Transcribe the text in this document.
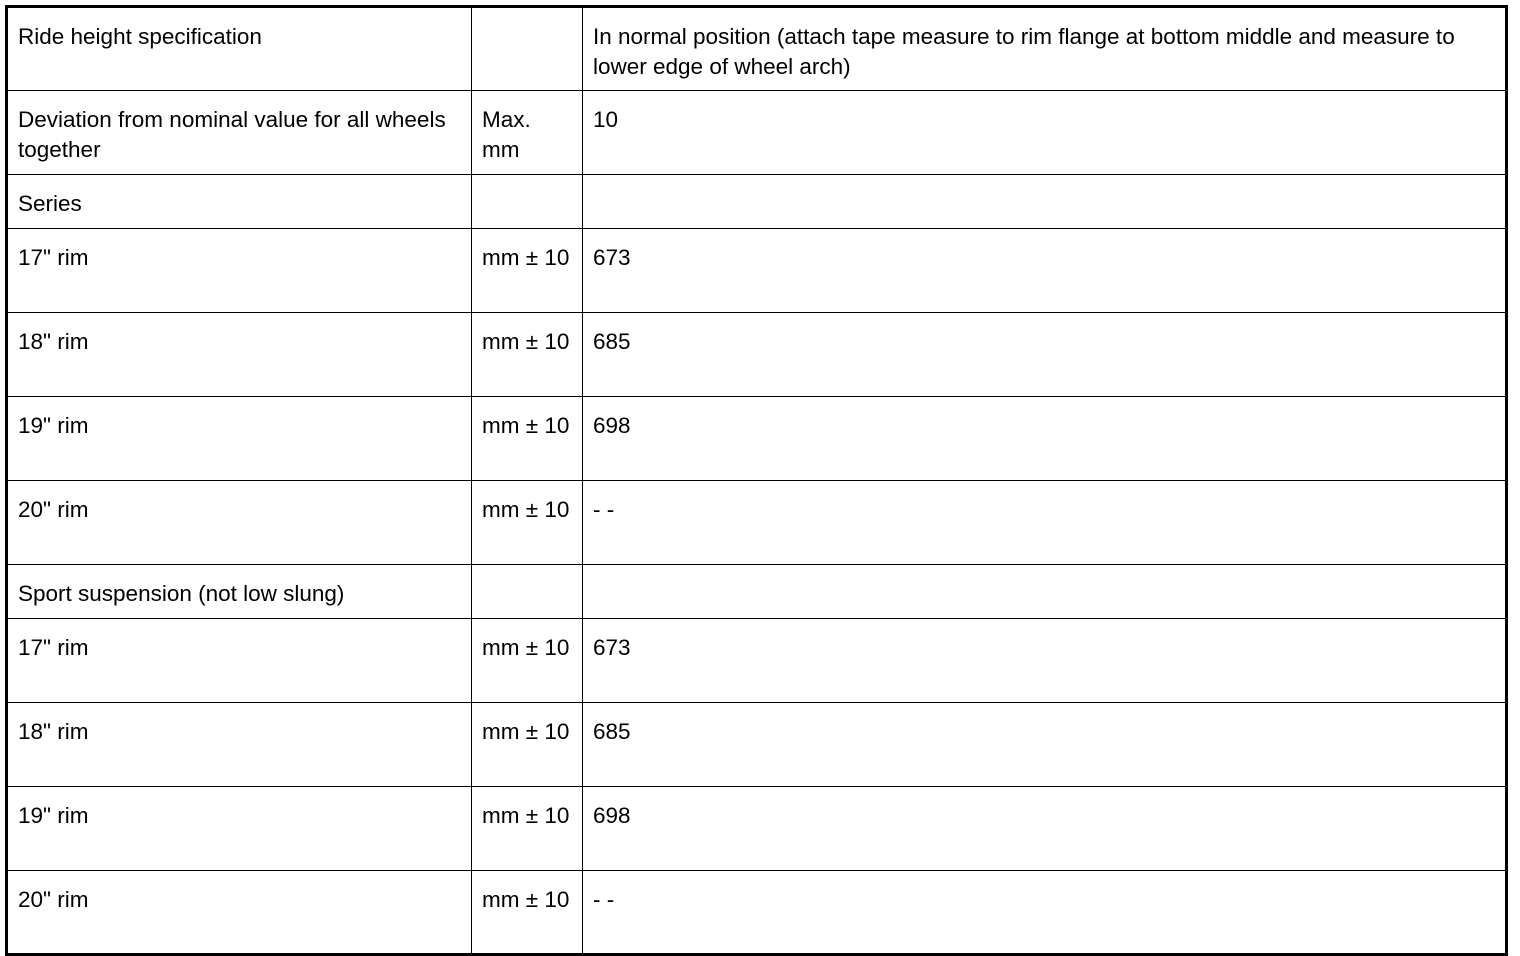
Ride height specification		In normal position (attach tape measure to rim flange at bottom middle and measure to lower edge of wheel arch)
Deviation from nominal value for all wheels together	Max. mm	10
Series		
17" rim	mm ± 10	673
18" rim	mm ± 10	685
19" rim	mm ± 10	698
20" rim	mm ± 10	- -
Sport suspension (not low slung)		
17" rim	mm ± 10	673
18" rim	mm ± 10	685
19" rim	mm ± 10	698
20" rim	mm ± 10	- -
